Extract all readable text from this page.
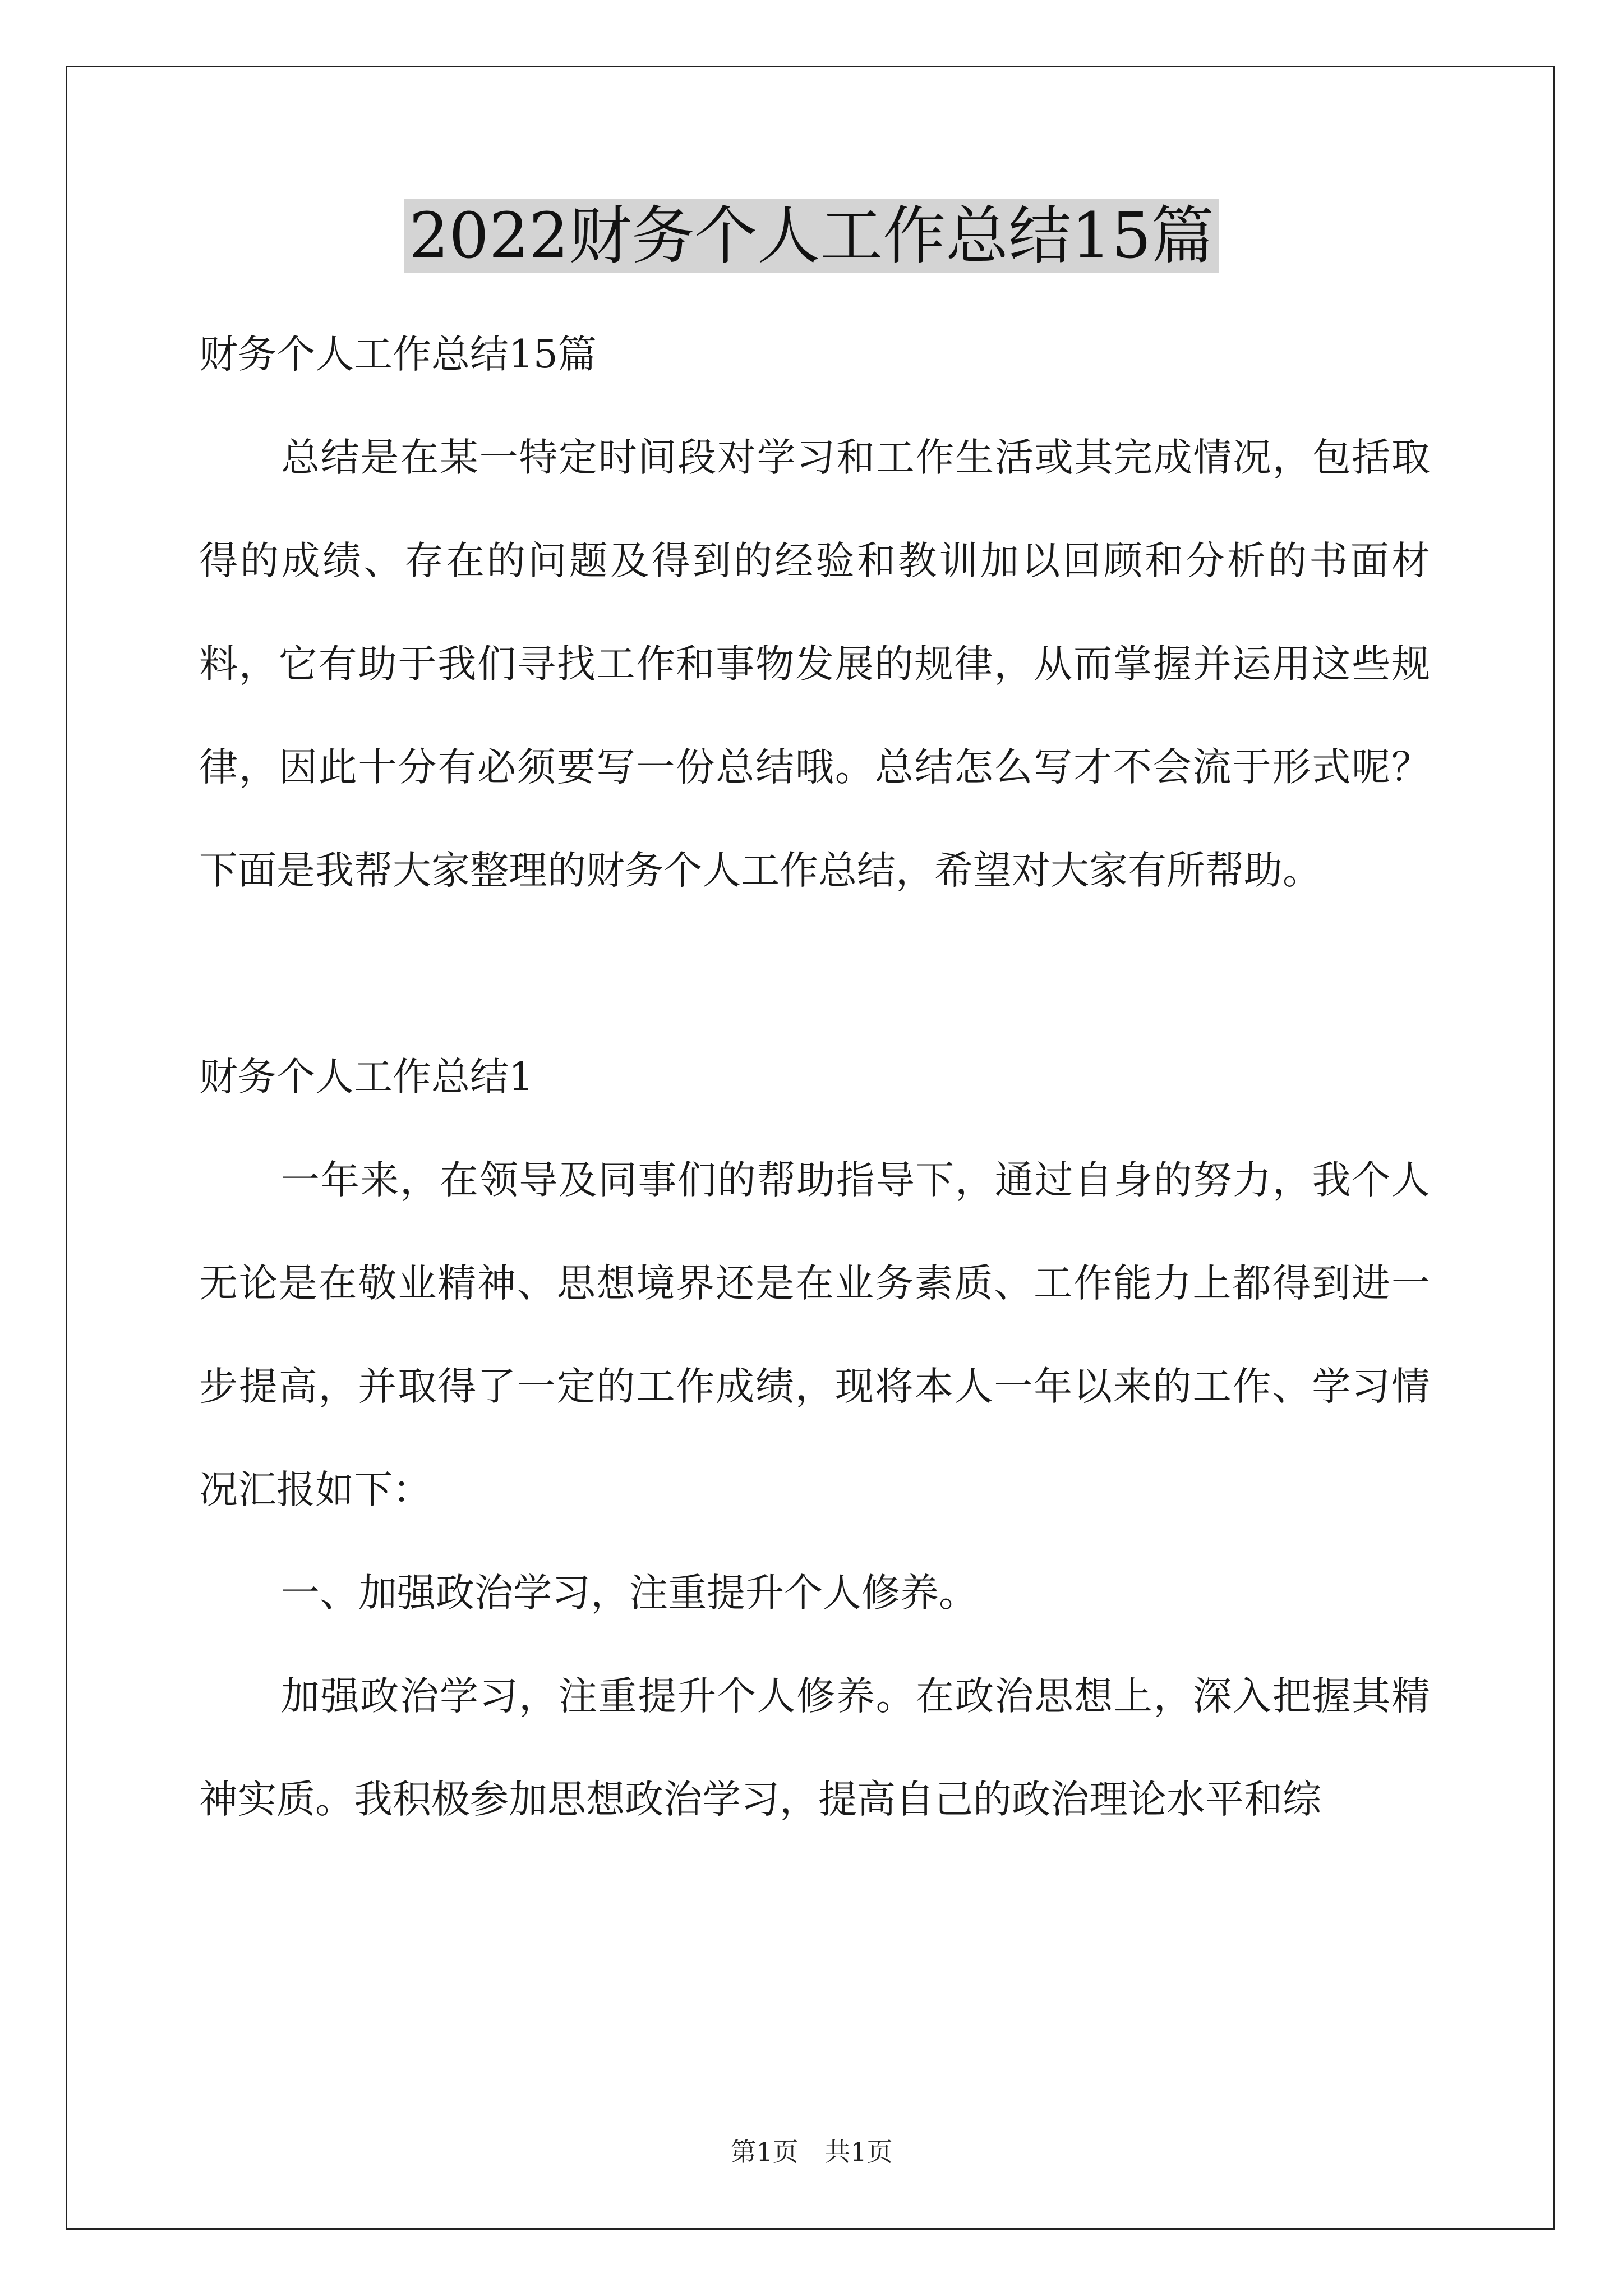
2022财务个人工作总结15篇

财务个人工作总结15篇

总结是在某一特定时间段对学习和工作生活或其完成情况，包括取得的成绩、存在的问题及得到的经验和教训加以回顾和分析的书面材料，它有助于我们寻找工作和事物发展的规律，从而掌握并运用这些规律，因此十分有必须要写一份总结哦。总结怎么写才不会流于形式呢？下面是我帮大家整理的财务个人工作总结，希望对大家有所帮助。

财务个人工作总结1

一年来，在领导及同事们的帮助指导下，通过自身的努力，我个人无论是在敬业精神、思想境界还是在业务素质、工作能力上都得到进一步提高，并取得了一定的工作成绩，现将本人一年以来的工作、学习情况汇报如下：

一、加强政治学习，注重提升个人修养。

加强政治学习，注重提升个人修养。在政治思想上，深入把握其精神实质。我积极参加思想政治学习，提高自己的政治理论水平和综

第1页 共1页
